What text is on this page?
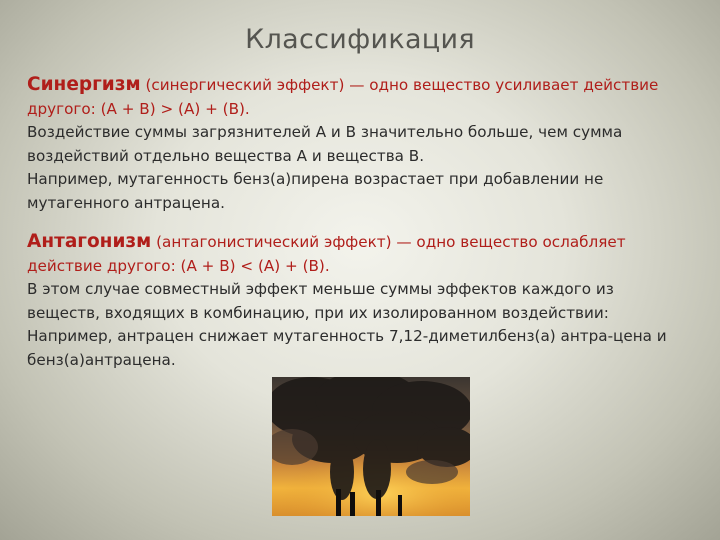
Классификация
Синергизм (синергический эффект) — одно вещество усиливает действие
другого: (А + В) > (А) + (В).
Воздействие суммы загрязнителей А и В значительно больше, чем сумма
воздействий отдельно вещества А и вещества В.
Например, мутагенность бенз(а)пирена возрастает при добавлении не
мутагенного антрацена.
Антагонизм (антагонистический эффект) — одно вещество ослабляет
действие другого: (А + В) < (А) + (В).
В этом случае совместный эффект меньше суммы эффектов каждого из
веществ, входящих в комбинацию, при их изолированном воздействии:
Например, антрацен снижает мутагенность 7,12-диметилбенз(а) антра-цена и
бенз(а)антрацена.
